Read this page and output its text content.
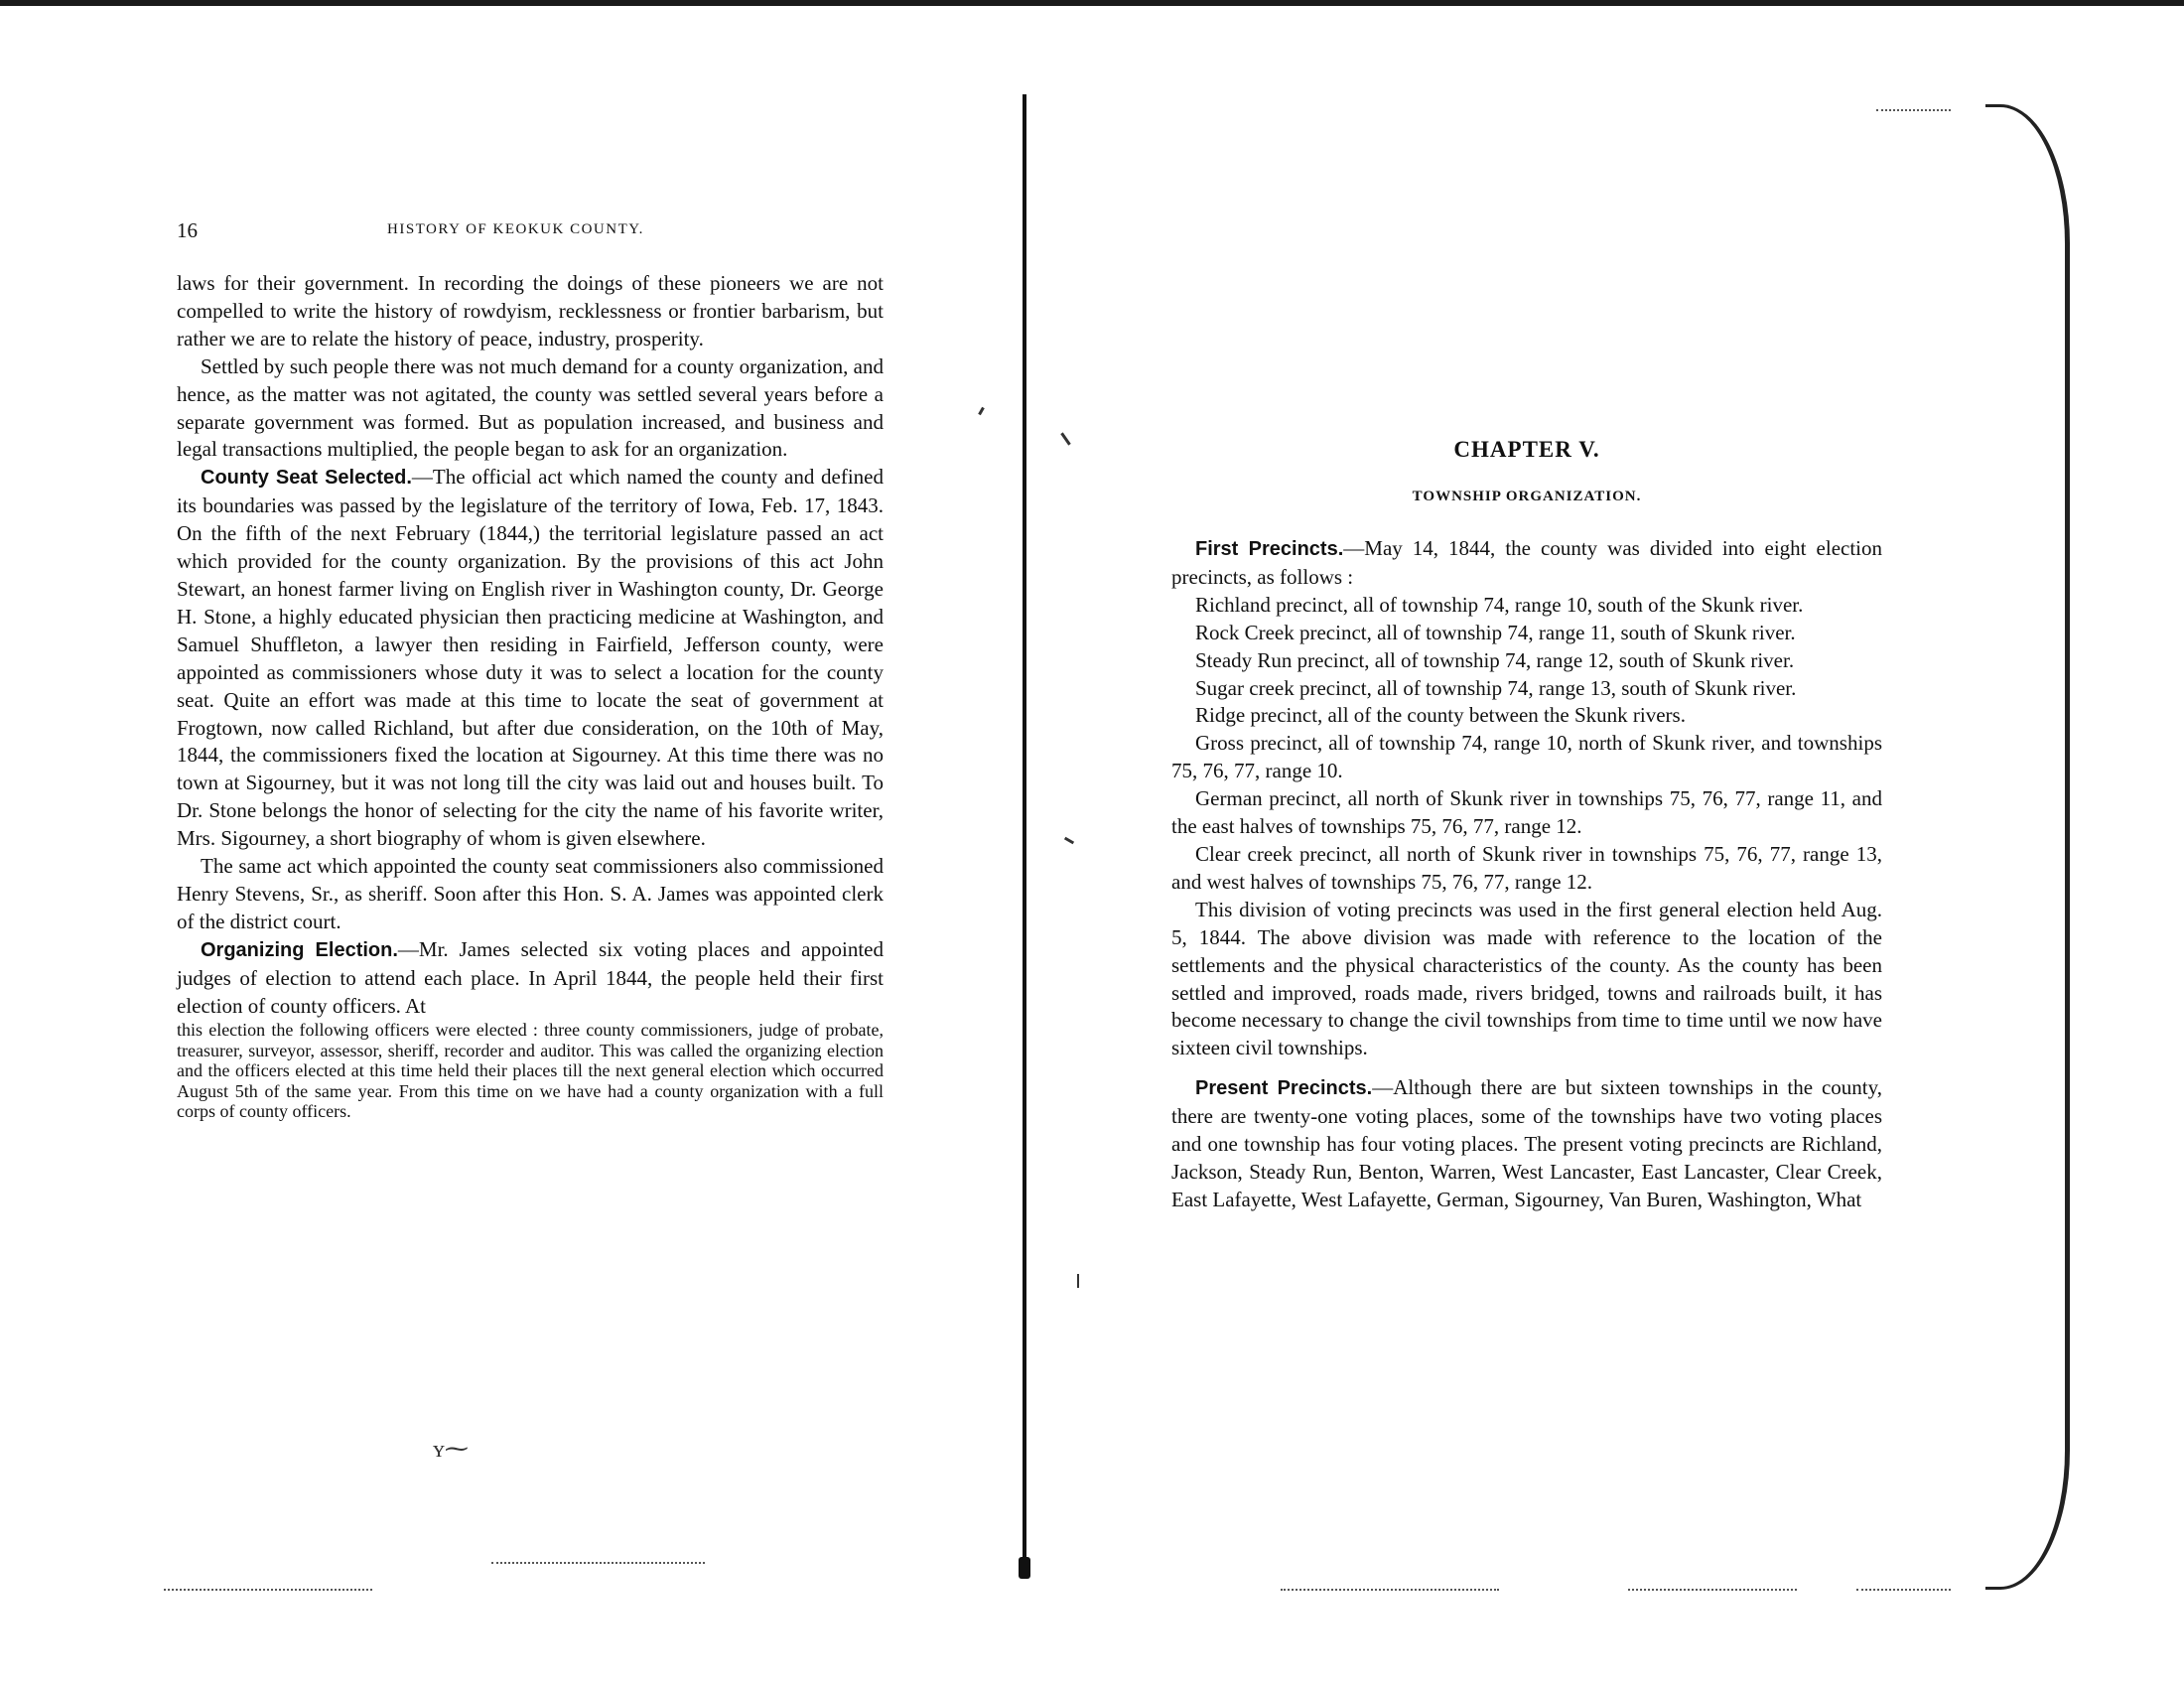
16	HISTORY OF KEOKUK COUNTY.

laws for their government. In recording the doings of these pioneers we are not compelled to write the history of rowdyism, recklessness or frontier barbarism, but rather we are to relate the history of peace, industry, prosperity.

Settled by such people there was not much demand for a county organization, and hence, as the matter was not agitated, the county was settled several years before a separate government was formed. But as population increased, and business and legal transactions multiplied, the people began to ask for an organization.

County Seat Selected.—The official act which named the county and defined its boundaries was passed by the legislature of the territory of Iowa, Feb. 17, 1843. On the fifth of the next February (1844,) the territorial legislature passed an act which provided for the county organization. By the provisions of this act John Stewart, an honest farmer living on English river in Washington county, Dr. George H. Stone, a highly educated physician then practicing medicine at Washington, and Samuel Shuffleton, a lawyer then residing in Fairfield, Jefferson county, were appointed as commissioners whose duty it was to select a location for the county seat. Quite an effort was made at this time to locate the seat of government at Frogtown, now called Richland, but after due consideration, on the 10th of May, 1844, the commissioners fixed the location at Sigourney. At this time there was no town at Sigourney, but it was not long till the city was laid out and houses built. To Dr. Stone belongs the honor of selecting for the city the name of his favorite writer, Mrs. Sigourney, a short biography of whom is given elsewhere.

The same act which appointed the county seat commissioners also commissioned Henry Stevens, Sr., as sheriff. Soon after this Hon. S. A. James was appointed clerk of the district court.

Organizing Election.—Mr. James selected six voting places and appointed judges of election to attend each place. In April 1844, the people held their first election of county officers. At

this election the following officers were elected : three county commissioners, judge of probate, treasurer, surveyor, assessor, sheriff, recorder and auditor. This was called the organizing election and the officers elected at this time held their places till the next general election which occurred August 5th of the same year. From this time on we have had a county organization with a full corps of county officers.

ʏ⁓
CHAPTER V.
TOWNSHIP ORGANIZATION.

First Precincts.—May 14, 1844, the county was divided into eight election precincts, as follows :

Richland precinct, all of township 74, range 10, south of the Skunk river.

Rock Creek precinct, all of township 74, range 11, south of Skunk river.

Steady Run precinct, all of township 74, range 12, south of Skunk river.

Sugar creek precinct, all of township 74, range 13, south of Skunk river.

Ridge precinct, all of the county between the Skunk rivers.

Gross precinct, all of township 74, range 10, north of Skunk river, and townships 75, 76, 77, range 10.

German precinct, all north of Skunk river in townships 75, 76, 77, range 11, and the east halves of townships 75, 76, 77, range 12.

Clear creek precinct, all north of Skunk river in townships 75, 76, 77, range 13, and west halves of townships 75, 76, 77, range 12.

This division of voting precincts was used in the first general election held Aug. 5, 1844. The above division was made with reference to the location of the settlements and the physical characteristics of the county. As the county has been settled and improved, roads made, rivers bridged, towns and railroads built, it has become necessary to change the civil townships from time to time until we now have sixteen civil townships.

Present Precincts.—Although there are but sixteen townships in the county, there are twenty-one voting places, some of the townships have two voting places and one township has four voting places. The present voting precincts are Richland, Jackson, Steady Run, Benton, Warren, West Lancaster, East Lancaster, Clear Creek, East Lafayette, West Lafayette, German, Sigourney, Van Buren, Washington, What
